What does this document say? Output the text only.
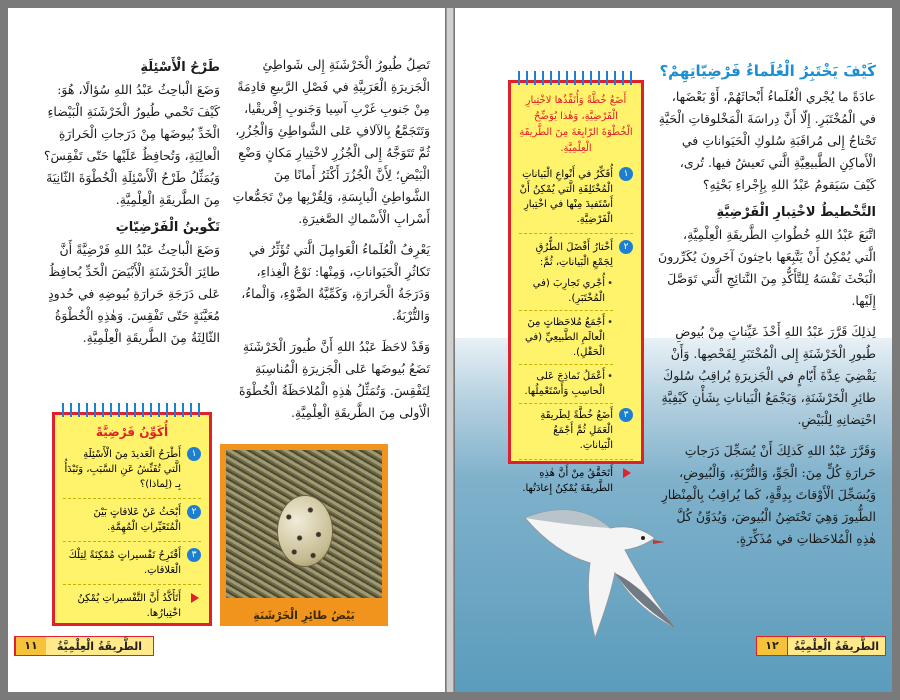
تَصِلُ طُيورُ الْخَرْشَنَةِ إِلى شَواطِئِ الْجَزيرَةِ الْعَرَبِيَّةِ في فَصْلِ الرَّبيعِ قادِمَةً مِنْ جَنوبِ غَرْبِ آسِيا وَجَنوبِ إِفْريقْيا، وَتَتَجَمَّعُ بِالآلافِ عَلى الشَّواطِئِ وَالْجُزُرِ، ثُمَّ تَتَوَجَّهُ إِلى الْجُزُرِ لاخْتِيارِ مَكانٍ وَضْعِ الْبَيْضِ؛ لِأَنَّ الْجُزُرَ أَكْثَرُ أَمانًا مِنَ الشَّواطِئِ الْيابِسَةِ، وَلِقُرْبِها مِنْ تَجَمُّعاتِ أَسْرابِ الْأَسْماكِ الصَّغيرَةِ.

يَعْرِفُ الْعُلَماءُ الْعَوامِلَ الَّتي تُؤَثِّرُ في تَكاثُرِ الْحَيَواناتِ، وَمِنْها: نَوْعُ الْغِذاءِ، وَدَرَجَةُ الْحَرارَةِ، وَكَمِّيَّةُ الضَّوْءِ، وَالْماءُ، وَالتُّرْبَةُ.

وَقَدْ لاحَظَ عَبْدُ اللهِ أَنَّ طُيورَ الْخَرْشَنَةِ تَضَعُ بُيوضَها عَلى الْجَزيرَةِ الْمُناسِبَةِ لِتَفْقِسَ. وَتُمَثِّلُ هٰذِهِ الْمُلاحَظَةُ الْخُطْوَةَ الْأولى مِنَ الطَّريقَةِ الْعِلْمِيَّةِ.

طَرْحُ الْأَسْئِلَةِ

وَضَعَ الْباحِثُ عَبْدُ اللهِ سُؤالًا، هُوَ: كَيْفَ تَحْمي طُيورُ الْخَرْشَنَةِ الْبَيْضاءِ الْخَدِّ بُيوضَها مِنْ دَرَجاتِ الْحَرارَةِ الْعالِيَةِ، وَتُحافِظُ عَلَيْها حَتّى تَفْقِسَ؟ وَيُمَثِّلُ طَرْحُ الْأَسْئِلَةِ الْخُطْوَةَ الثّانِيَةَ مِنَ الطَّريقَةِ الْعِلْمِيَّةِ.

تَكْوينُ الْفَرْضِيّاتِ

وَضَعَ الْباحِثُ عَبْدُ اللهِ فَرْضِيَّةً أَنَّ طائِرَ الْخَرْشَنَةِ الْأَبْيَضَ الْخَدِّ يُحافِظُ عَلى دَرَجَةِ حَرارَةِ بُيوضِهِ في حُدودٍ مُعَيَّنَةٍ حَتّى تَفْقِسَ. وَهٰذِهِ الْخُطْوَةُ الثّالِثَةُ مِنَ الطَّريقَةِ الْعِلْمِيَّةِ.

أُكَوِّنُ فَرْضِيَّةً
١
أَطْرَحُ الْعَديدَ مِنَ الْأَسْئِلَةِ الَّتي تُفَتِّشُ عَنِ السَّبَبِ، وَتَبْدَأُ بِـ (لِماذا)؟
٢
أَبْحَثُ عَنْ عَلاقاتٍ بَيْنَ الْمُتَغَيِّراتِ الْمُهِمَّةِ.
٣
أَقْتَرِحُ تَفْسيراتٍ مُمْكِنَةً لِتِلْكَ الْعَلاقاتِ.
أَتَأَكَّدُ أَنَّ التَّفْسيراتِ يُمْكِنُ اخْتِبارُها.	بَيْضُ طائِرِ الْخَرْشَنَةِ
الطَّريقَةُ الْعِلْمِيَّةُ
١١
كَيْفَ يَخْتَبِرُ الْعُلَماءُ فَرْضِيّاتِهِمْ؟

عادَةً ما يُجْري الْعُلَماءُ أَبْحاثَهُمْ، أَوْ بَعْضَها، في الْمُخْتَبَرِ. إِلّا أَنَّ دِراسَةَ الْمَخْلوقاتِ الْحَيَّةِ تَحْتاجُ إِلى مُراقَبَةِ سُلوكِ الْحَيَواناتِ في الْأَماكِنِ الطَّبيعِيَّةِ الَّتي تَعيشُ فيها. تُرى، كَيْفَ سَيَقومُ عَبْدُ اللهِ بِإِجْراءِ بَحْثِهِ؟

التَّخْطيطُ لاخْتِبارِ الْفَرْضِيَّةِ

اتَّبَعَ عَبْدُ اللهِ خُطُواتِ الطَّريقَةِ الْعِلْمِيَّةِ، الَّتي يُمْكِنُ أَنْ يَتَّبِعَها باحِثونَ آخَرونَ يُكَرِّرونَ الْبَحْثَ نَفْسَهُ لِلتَّأَكُّدِ مِنَ النَّتائِجِ الَّتي تَوَصَّلَ إِلَيْها.

لِذلِكَ قَرَّرَ عَبْدُ اللهِ أَخْذَ عَيِّناتٍ مِنْ بُيوضِ طُيورِ الْخَرْشَنَةِ إِلى الْمُخْتَبَرِ لِفَحْصِها. وَأَنْ يَقْضِيَ عِدَّةَ أَيّامٍ في الْجَزيرَةِ يُراقِبُ سُلوكَ طائِرِ الْخَرْشَنَةِ، وَيَجْمَعُ الْبَياناتِ بِشَأْنِ كَيْفِيَّةِ احْتِضانِهِ لِلْبَيْضِ.

وَقَرَّرَ عَبْدُ اللهِ كَذلِكَ أَنْ يُسَجِّلَ دَرَجاتِ حَرارَةِ كُلٍّ مِنَ: الْجَوِّ، وَالتُّرْبَةِ، وَالْبُيوضِ، وَيُسَجِّلَ الْأَوْقاتَ بِدِقَّةٍ، كَما يُراقِبُ بِالْمِنْظارِ الطُّيورَ وَهِيَ تَحْتَضِنُ الْبُيوضَ، وَيُدَوِّنُ كُلَّ هٰذِهِ الْمُلاحَظاتِ في مُذَكِّرَةٍ.

أَضَعُ خُطَّةً وَأُنَفِّذُها لاخْتِبارِ الْفَرْضِيَّةِ، وَهٰذا يُوَضِّحُ الْخُطْوَةَ الرّابِعَةَ مِنَ الطَّريقَةِ الْعِلْمِيَّةِ.
١
أُفَكِّرُ في أَنْواعِ الْبَياناتِ الْمُخْتَلِفَةِ الَّتي يُمْكِنُ أَنْ أَسْتَفيدَ مِنْها في اخْتِبارِ الْفَرْضِيَّةِ.
٢
أَخْتارُ أَفْضَلَ الطُّرُقِ لِجَمْعِ الْبَياناتِ، ثُمَّ:
• أُجْري تَجارِبَ (في الْمُخْتَبَرِ).
• أَجْمَعُ مُلاحَظاتٍ مِنَ الْعالَمِ الطَّبيعِيِّ (في الْحَقْلِ).
• أَعْمَلُ نَماذِجَ عَلى الْحاسِبِ وَأَسْتَعْمِلُها.
٣
أَضَعُ خُطَّةً لِطَريقَةِ الْعَمَلِ ثُمَّ أَجْمَعُ الْبَياناتِ.
أَتَحَقَّقُ مِنْ أَنَّ هٰذِهِ الطَّريقَةَ يُمْكِنُ إِعادَتُها.
١٢	الطَّريقَةُ الْعِلْمِيَّةُ
